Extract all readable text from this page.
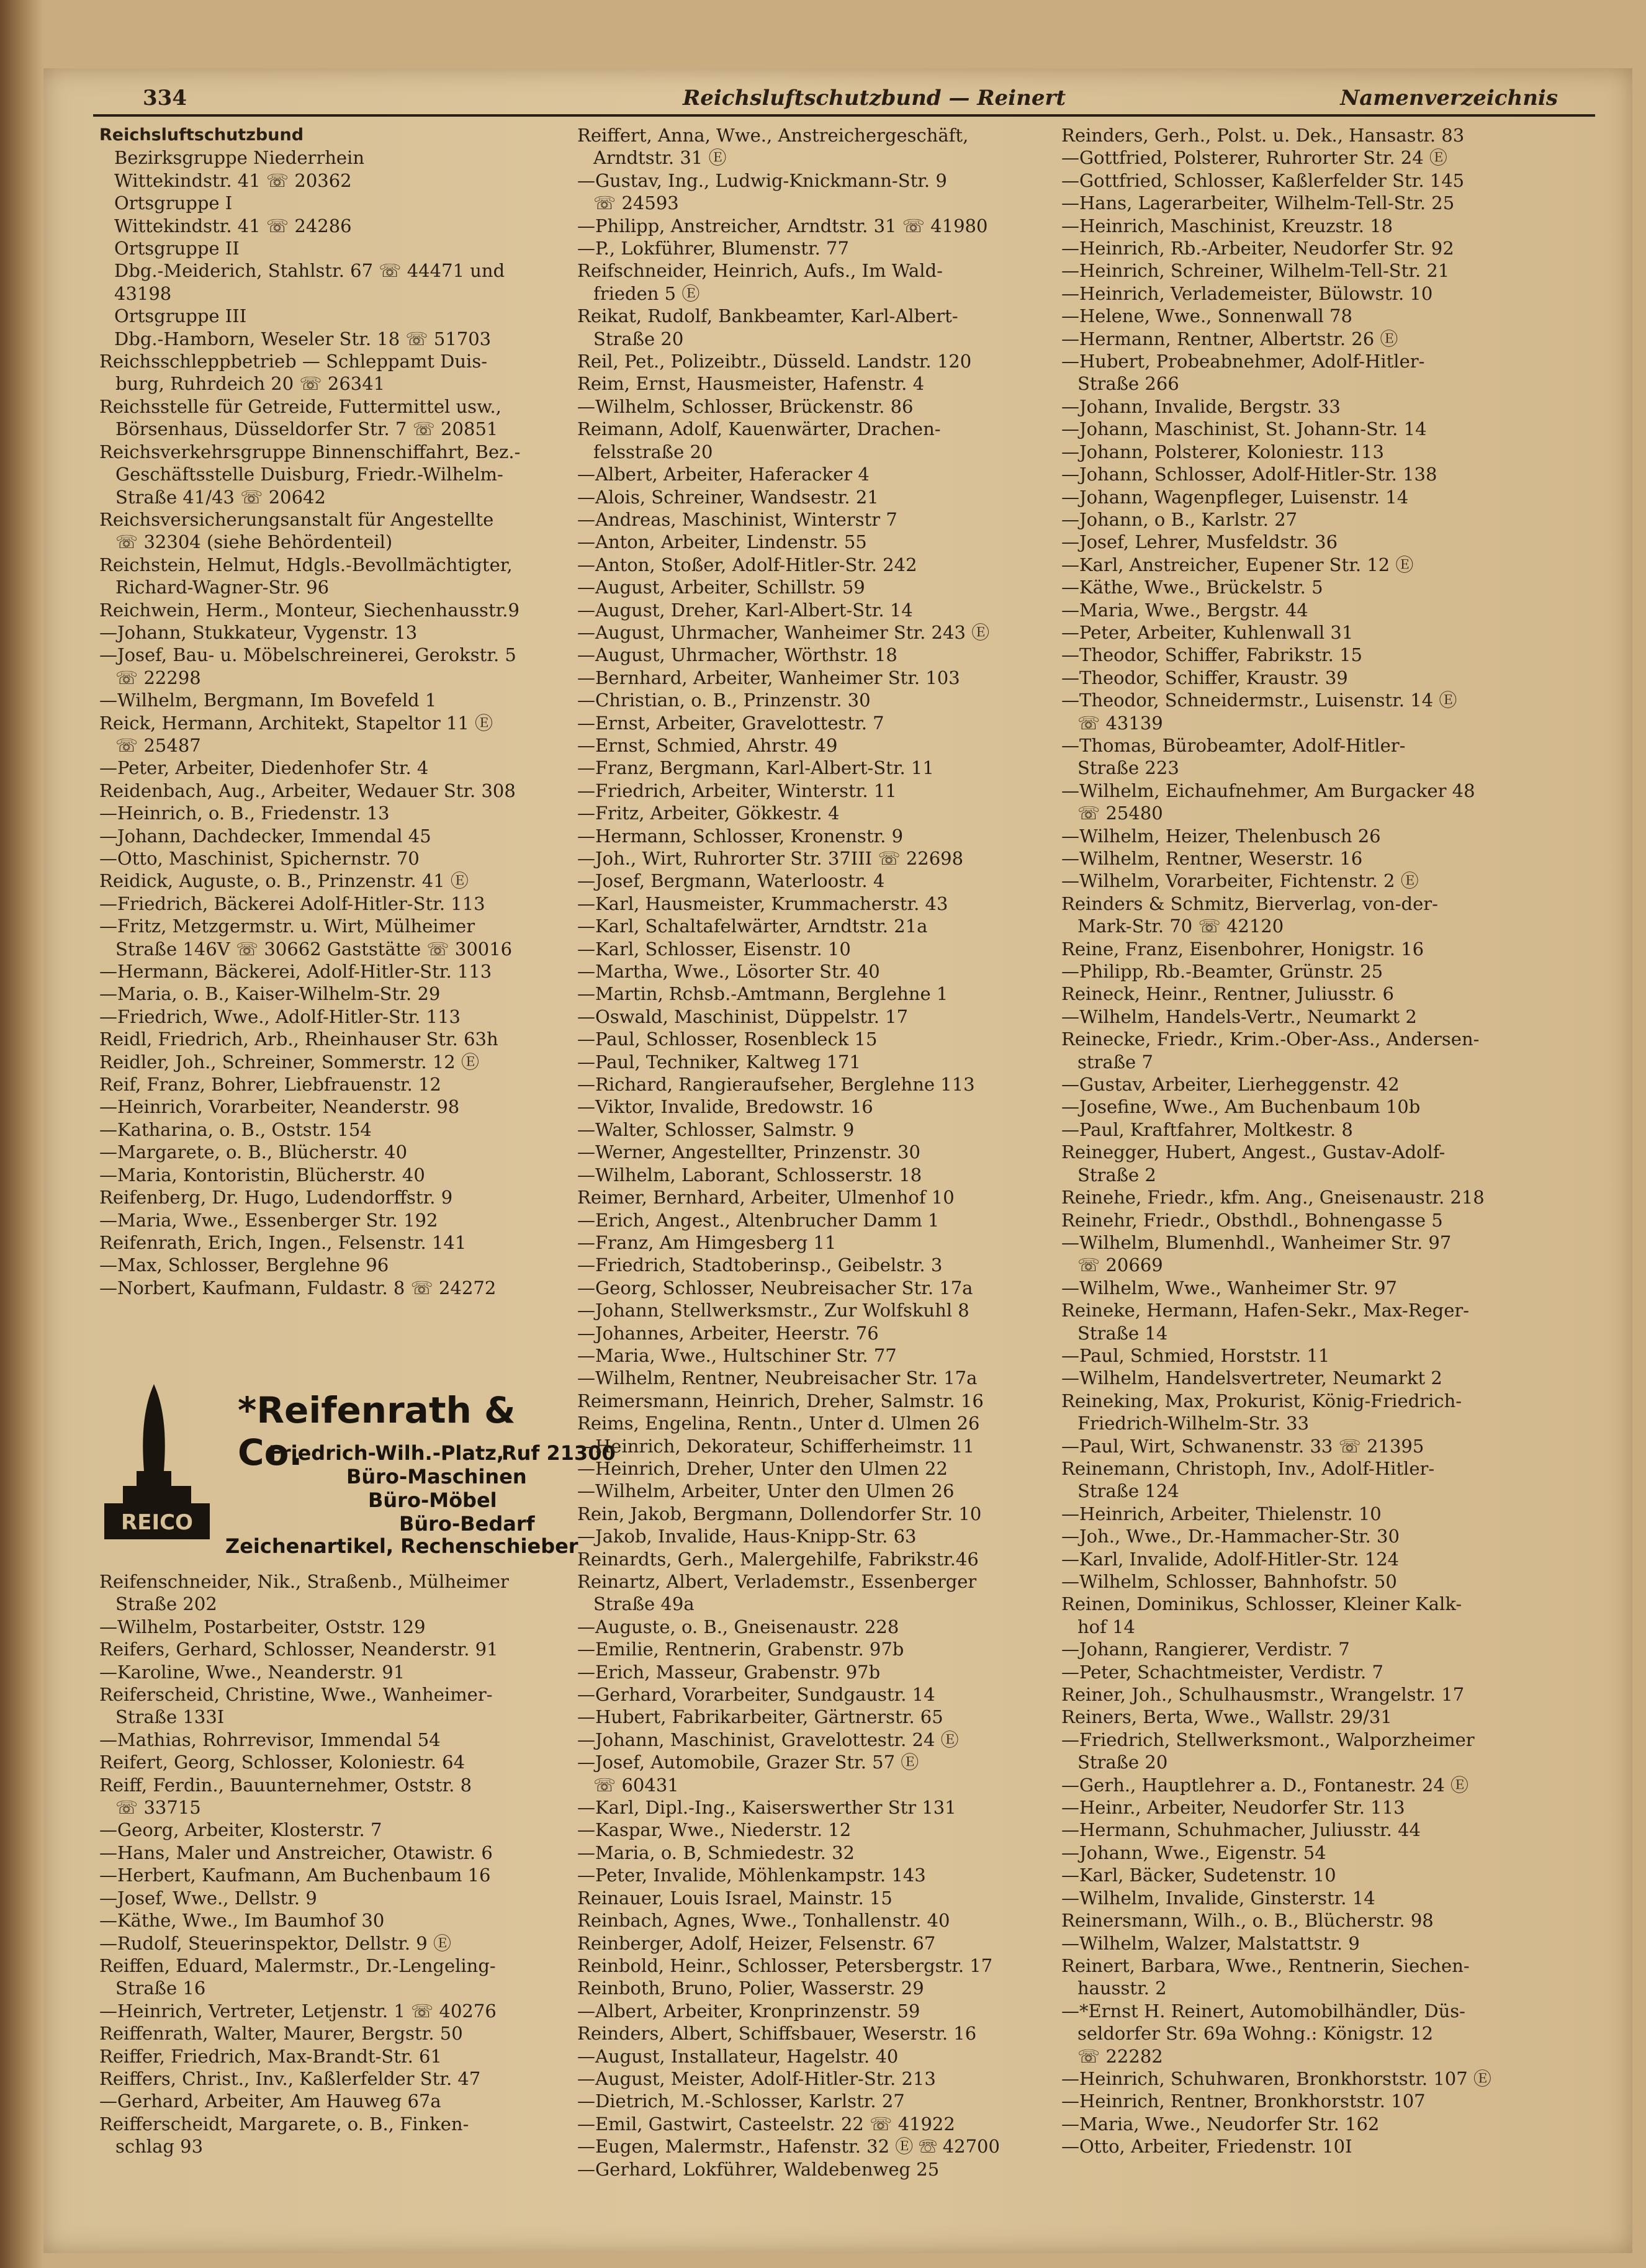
334	Reichsluftschutzbund — Reinert	Namenverzeichnis
Reichsluftschutzbund
Bezirksgruppe Niederrhein
Wittekindstr. 41 ☏ 20362
Ortsgruppe I
Wittekindstr. 41 ☏ 24286
Ortsgruppe II
Dbg.-Meiderich, Stahlstr. 67 ☏ 44471 und
43198
Ortsgruppe III
Dbg.-Hamborn, Weseler Str. 18 ☏ 51703
Reichsschleppbetrieb — Schleppamt Duis-
burg, Ruhrdeich 20 ☏ 26341
Reichsstelle für Getreide, Futtermittel usw.,
Börsenhaus, Düsseldorfer Str. 7 ☏ 20851
Reichsverkehrsgruppe Binnenschiffahrt, Bez.-
Geschäftsstelle Duisburg, Friedr.-Wilhelm-
Straße 41/43 ☏ 20642
Reichsversicherungsanstalt für Angestellte
☏ 32304 (siehe Behördenteil)
Reichstein, Helmut, Hdgls.-Bevollmächtigter,
Richard-Wagner-Str. 96
Reichwein, Herm., Monteur, Siechenhausstr.9
—Johann, Stukkateur, Vygenstr. 13
—Josef, Bau- u. Möbelschreinerei, Gerokstr. 5
☏ 22298
—Wilhelm, Bergmann, Im Bovefeld 1
Reick, Hermann, Architekt, Stapeltor 11 Ⓔ
☏ 25487
—Peter, Arbeiter, Diedenhofer Str. 4
Reidenbach, Aug., Arbeiter, Wedauer Str. 308
—Heinrich, o. B., Friedenstr. 13
—Johann, Dachdecker, Immendal 45
—Otto, Maschinist, Spichernstr. 70
Reidick, Auguste, o. B., Prinzenstr. 41 Ⓔ
—Friedrich, Bäckerei Adolf-Hitler-Str. 113
—Fritz, Metzgermstr. u. Wirt, Mülheimer
Straße 146V ☏ 30662 Gaststätte ☏ 30016
—Hermann, Bäckerei, Adolf-Hitler-Str. 113
—Maria, o. B., Kaiser-Wilhelm-Str. 29
—Friedrich, Wwe., Adolf-Hitler-Str. 113
Reidl, Friedrich, Arb., Rheinhauser Str. 63h
Reidler, Joh., Schreiner, Sommerstr. 12 Ⓔ
Reif, Franz, Bohrer, Liebfrauenstr. 12
—Heinrich, Vorarbeiter, Neanderstr. 98
—Katharina, o. B., Oststr. 154
—Margarete, o. B., Blücherstr. 40
—Maria, Kontoristin, Blücherstr. 40
Reifenberg, Dr. Hugo, Ludendorffstr. 9
—Maria, Wwe., Essenberger Str. 192
Reifenrath, Erich, Ingen., Felsenstr. 141
—Max, Schlosser, Berglehne 96
—Norbert, Kaufmann, Fuldastr. 8 ☏ 24272
Reifenschneider, Nik., Straßenb., Mülheimer
Straße 202
—Wilhelm, Postarbeiter, Oststr. 129
Reifers, Gerhard, Schlosser, Neanderstr. 91
—Karoline, Wwe., Neanderstr. 91
Reiferscheid, Christine, Wwe., Wanheimer-
Straße 133I
—Mathias, Rohrrevisor, Immendal 54
Reifert, Georg, Schlosser, Koloniestr. 64
Reiff, Ferdin., Bauunternehmer, Oststr. 8
☏ 33715
—Georg, Arbeiter, Klosterstr. 7
—Hans, Maler und Anstreicher, Otawistr. 6
—Herbert, Kaufmann, Am Buchenbaum 16
—Josef, Wwe., Dellstr. 9
—Käthe, Wwe., Im Baumhof 30
—Rudolf, Steuerinspektor, Dellstr. 9 Ⓔ
Reiffen, Eduard, Malermstr., Dr.-Lengeling-
Straße 16
—Heinrich, Vertreter, Letjenstr. 1 ☏ 40276
Reiffenrath, Walter, Maurer, Bergstr. 50
Reiffer, Friedrich, Max-Brandt-Str. 61
Reiffers, Christ., Inv., Kaßlerfelder Str. 47
—Gerhard, Arbeiter, Am Hauweg 67a
Reifferscheidt, Margarete, o. B., Finken-
schlag 93
REICO
*Reifenrath & Co.
Friedrich-Wilh.-Platz,
Ruf 21300
Büro-Maschinen
Büro-Möbel
Büro-Bedarf
Zeichenartikel, Rechenschieber
Reiffert, Anna, Wwe., Anstreichergeschäft,
Arndtstr. 31 Ⓔ
—Gustav, Ing., Ludwig-Knickmann-Str. 9
☏ 24593
—Philipp, Anstreicher, Arndtstr. 31 ☏ 41980
—P., Lokführer, Blumenstr. 77
Reifschneider, Heinrich, Aufs., Im Wald-
frieden 5 Ⓔ
Reikat, Rudolf, Bankbeamter, Karl-Albert-
Straße 20
Reil, Pet., Polizeibtr., Düsseld. Landstr. 120
Reim, Ernst, Hausmeister, Hafenstr. 4
—Wilhelm, Schlosser, Brückenstr. 86
Reimann, Adolf, Kauenwärter, Drachen-
felsstraße 20
—Albert, Arbeiter, Haferacker 4
—Alois, Schreiner, Wandsestr. 21
—Andreas, Maschinist, Winterstr 7
—Anton, Arbeiter, Lindenstr. 55
—Anton, Stoßer, Adolf-Hitler-Str. 242
—August, Arbeiter, Schillstr. 59
—August, Dreher, Karl-Albert-Str. 14
—August, Uhrmacher, Wanheimer Str. 243 Ⓔ
—August, Uhrmacher, Wörthstr. 18
—Bernhard, Arbeiter, Wanheimer Str. 103
—Christian, o. B., Prinzenstr. 30
—Ernst, Arbeiter, Gravelottestr. 7
—Ernst, Schmied, Ahrstr. 49
—Franz, Bergmann, Karl-Albert-Str. 11
—Friedrich, Arbeiter, Winterstr. 11
—Fritz, Arbeiter, Gökkestr. 4
—Hermann, Schlosser, Kronenstr. 9
—Joh., Wirt, Ruhrorter Str. 37III ☏ 22698
—Josef, Bergmann, Waterloostr. 4
—Karl, Hausmeister, Krummacherstr. 43
—Karl, Schaltafelwärter, Arndtstr. 21a
—Karl, Schlosser, Eisenstr. 10
—Martha, Wwe., Lösorter Str. 40
—Martin, Rchsb.-Amtmann, Berglehne 1
—Oswald, Maschinist, Düppelstr. 17
—Paul, Schlosser, Rosenbleck 15
—Paul, Techniker, Kaltweg 171
—Richard, Rangieraufseher, Berglehne 113
—Viktor, Invalide, Bredowstr. 16
—Walter, Schlosser, Salmstr. 9
—Werner, Angestellter, Prinzenstr. 30
—Wilhelm, Laborant, Schlosserstr. 18
Reimer, Bernhard, Arbeiter, Ulmenhof 10
—Erich, Angest., Altenbrucher Damm 1
—Franz, Am Himgesberg 11
—Friedrich, Stadtoberinsp., Geibelstr. 3
—Georg, Schlosser, Neubreisacher Str. 17a
—Johann, Stellwerksmstr., Zur Wolfskuhl 8
—Johannes, Arbeiter, Heerstr. 76
—Maria, Wwe., Hultschiner Str. 77
—Wilhelm, Rentner, Neubreisacher Str. 17a
Reimersmann, Heinrich, Dreher, Salmstr. 16
Reims, Engelina, Rentn., Unter d. Ulmen 26
—Heinrich, Dekorateur, Schifferheimstr. 11
—Heinrich, Dreher, Unter den Ulmen 22
—Wilhelm, Arbeiter, Unter den Ulmen 26
Rein, Jakob, Bergmann, Dollendorfer Str. 10
—Jakob, Invalide, Haus-Knipp-Str. 63
Reinardts, Gerh., Malergehilfe, Fabrikstr.46
Reinartz, Albert, Verlademstr., Essenberger
Straße 49a
—Auguste, o. B., Gneisenaustr. 228
—Emilie, Rentnerin, Grabenstr. 97b
—Erich, Masseur, Grabenstr. 97b
—Gerhard, Vorarbeiter, Sundgaustr. 14
—Hubert, Fabrikarbeiter, Gärtnerstr. 65
—Johann, Maschinist, Gravelottestr. 24 Ⓔ
—Josef, Automobile, Grazer Str. 57 Ⓔ
☏ 60431
—Karl, Dipl.-Ing., Kaiserswerther Str 131
—Kaspar, Wwe., Niederstr. 12
—Maria, o. B, Schmiedestr. 32
—Peter, Invalide, Möhlenkampstr. 143
Reinauer, Louis Israel, Mainstr. 15
Reinbach, Agnes, Wwe., Tonhallenstr. 40
Reinberger, Adolf, Heizer, Felsenstr. 67
Reinbold, Heinr., Schlosser, Petersbergstr. 17
Reinboth, Bruno, Polier, Wasserstr. 29
—Albert, Arbeiter, Kronprinzenstr. 59
Reinders, Albert, Schiffsbauer, Weserstr. 16
—August, Installateur, Hagelstr. 40
—August, Meister, Adolf-Hitler-Str. 213
—Dietrich, M.-Schlosser, Karlstr. 27
—Emil, Gastwirt, Casteelstr. 22 ☏ 41922
—Eugen, Malermstr., Hafenstr. 32 Ⓔ ☏ 42700
—Gerhard, Lokführer, Waldebenweg 25
Reinders, Gerh., Polst. u. Dek., Hansastr. 83
—Gottfried, Polsterer, Ruhrorter Str. 24 Ⓔ
—Gottfried, Schlosser, Kaßlerfelder Str. 145
—Hans, Lagerarbeiter, Wilhelm-Tell-Str. 25
—Heinrich, Maschinist, Kreuzstr. 18
—Heinrich, Rb.-Arbeiter, Neudorfer Str. 92
—Heinrich, Schreiner, Wilhelm-Tell-Str. 21
—Heinrich, Verlademeister, Bülowstr. 10
—Helene, Wwe., Sonnenwall 78
—Hermann, Rentner, Albertstr. 26 Ⓔ
—Hubert, Probeabnehmer, Adolf-Hitler-
Straße 266
—Johann, Invalide, Bergstr. 33
—Johann, Maschinist, St. Johann-Str. 14
—Johann, Polsterer, Koloniestr. 113
—Johann, Schlosser, Adolf-Hitler-Str. 138
—Johann, Wagenpfleger, Luisenstr. 14
—Johann, o B., Karlstr. 27
—Josef, Lehrer, Musfeldstr. 36
—Karl, Anstreicher, Eupener Str. 12 Ⓔ
—Käthe, Wwe., Brückelstr. 5
—Maria, Wwe., Bergstr. 44
—Peter, Arbeiter, Kuhlenwall 31
—Theodor, Schiffer, Fabrikstr. 15
—Theodor, Schiffer, Kraustr. 39
—Theodor, Schneidermstr., Luisenstr. 14 Ⓔ
☏ 43139
—Thomas, Bürobeamter, Adolf-Hitler-
Straße 223
—Wilhelm, Eichaufnehmer, Am Burgacker 48
☏ 25480
—Wilhelm, Heizer, Thelenbusch 26
—Wilhelm, Rentner, Weserstr. 16
—Wilhelm, Vorarbeiter, Fichtenstr. 2 Ⓔ
Reinders & Schmitz, Bierverlag, von-der-
Mark-Str. 70 ☏ 42120
Reine, Franz, Eisenbohrer, Honigstr. 16
—Philipp, Rb.-Beamter, Grünstr. 25
Reineck, Heinr., Rentner, Juliusstr. 6
—Wilhelm, Handels-Vertr., Neumarkt 2
Reinecke, Friedr., Krim.-Ober-Ass., Andersen-
straße 7
—Gustav, Arbeiter, Lierheggenstr. 42
—Josefine, Wwe., Am Buchenbaum 10b
—Paul, Kraftfahrer, Moltkestr. 8
Reinegger, Hubert, Angest., Gustav-Adolf-
Straße 2
Reinehe, Friedr., kfm. Ang., Gneisenaustr. 218
Reinehr, Friedr., Obsthdl., Bohnengasse 5
—Wilhelm, Blumenhdl., Wanheimer Str. 97
☏ 20669
—Wilhelm, Wwe., Wanheimer Str. 97
Reineke, Hermann, Hafen-Sekr., Max-Reger-
Straße 14
—Paul, Schmied, Horststr. 11
—Wilhelm, Handelsvertreter, Neumarkt 2
Reineking, Max, Prokurist, König-Friedrich-
Friedrich-Wilhelm-Str. 33
—Paul, Wirt, Schwanenstr. 33 ☏ 21395
Reinemann, Christoph, Inv., Adolf-Hitler-
Straße 124
—Heinrich, Arbeiter, Thielenstr. 10
—Joh., Wwe., Dr.-Hammacher-Str. 30
—Karl, Invalide, Adolf-Hitler-Str. 124
—Wilhelm, Schlosser, Bahnhofstr. 50
Reinen, Dominikus, Schlosser, Kleiner Kalk-
hof 14
—Johann, Rangierer, Verdistr. 7
—Peter, Schachtmeister, Verdistr. 7
Reiner, Joh., Schulhausmstr., Wrangelstr. 17
Reiners, Berta, Wwe., Wallstr. 29/31
—Friedrich, Stellwerksmont., Walporzheimer
Straße 20
—Gerh., Hauptlehrer a. D., Fontanestr. 24 Ⓔ
—Heinr., Arbeiter, Neudorfer Str. 113
—Hermann, Schuhmacher, Juliusstr. 44
—Johann, Wwe., Eigenstr. 54
—Karl, Bäcker, Sudetenstr. 10
—Wilhelm, Invalide, Ginsterstr. 14
Reinersmann, Wilh., o. B., Blücherstr. 98
—Wilhelm, Walzer, Malstattstr. 9
Reinert, Barbara, Wwe., Rentnerin, Siechen-
hausstr. 2
—*Ernst H. Reinert, Automobilhändler, Düs-
seldorfer Str. 69a Wohng.: Königstr. 12
☏ 22282
—Heinrich, Schuhwaren, Bronkhorststr. 107 Ⓔ
—Heinrich, Rentner, Bronkhorststr. 107
—Maria, Wwe., Neudorfer Str. 162
—Otto, Arbeiter, Friedenstr. 10I
